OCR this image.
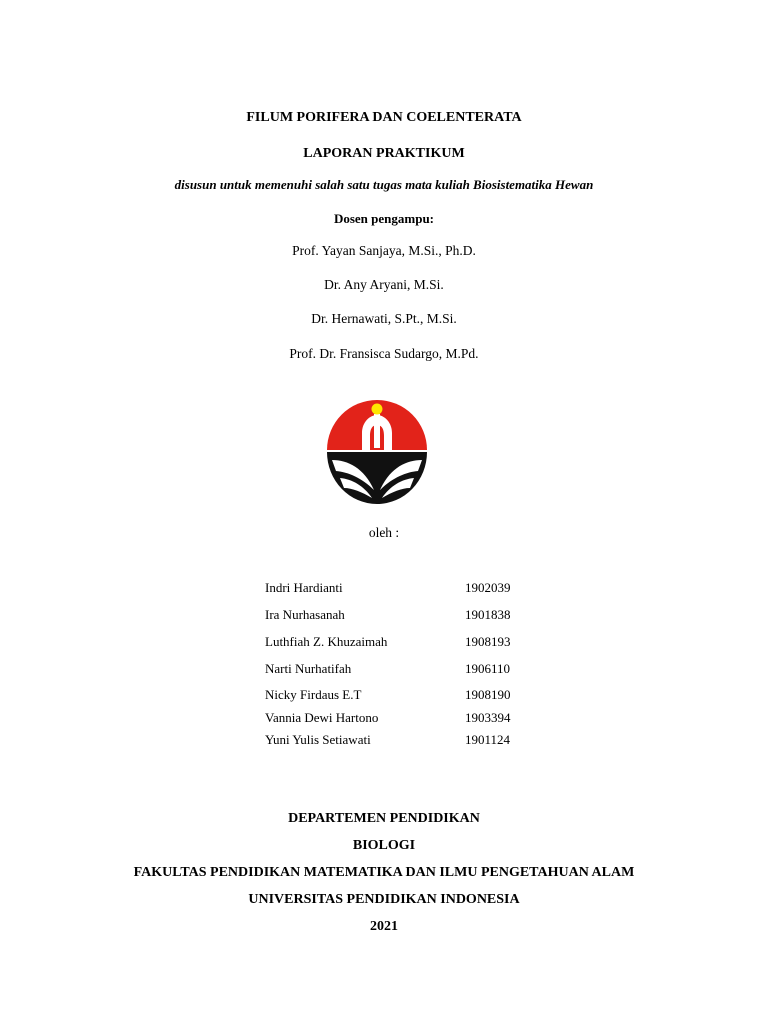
FILUM PORIFERA DAN COELENTERATA
LAPORAN PRAKTIKUM
disusun untuk memenuhi salah satu tugas mata kuliah Biosistematika Hewan
Dosen pengampu:
Prof. Yayan Sanjaya, M.Si., Ph.D.
Dr. Any Aryani, M.Si.
Dr. Hernawati, S.Pt., M.Si.
Prof. Dr. Fransisca Sudargo, M.Pd.
oleh :
Indri Hardianti	1902039
Ira Nurhasanah	1901838
Luthfiah Z. Khuzaimah	1908193
Narti Nurhatifah	1906110
Nicky Firdaus E.T	1908190
Vannia Dewi Hartono	1903394
Yuni Yulis Setiawati	1901124
DEPARTEMEN PENDIDIKAN
BIOLOGI
FAKULTAS PENDIDIKAN MATEMATIKA DAN ILMU PENGETAHUAN ALAM
UNIVERSITAS PENDIDIKAN INDONESIA
2021
